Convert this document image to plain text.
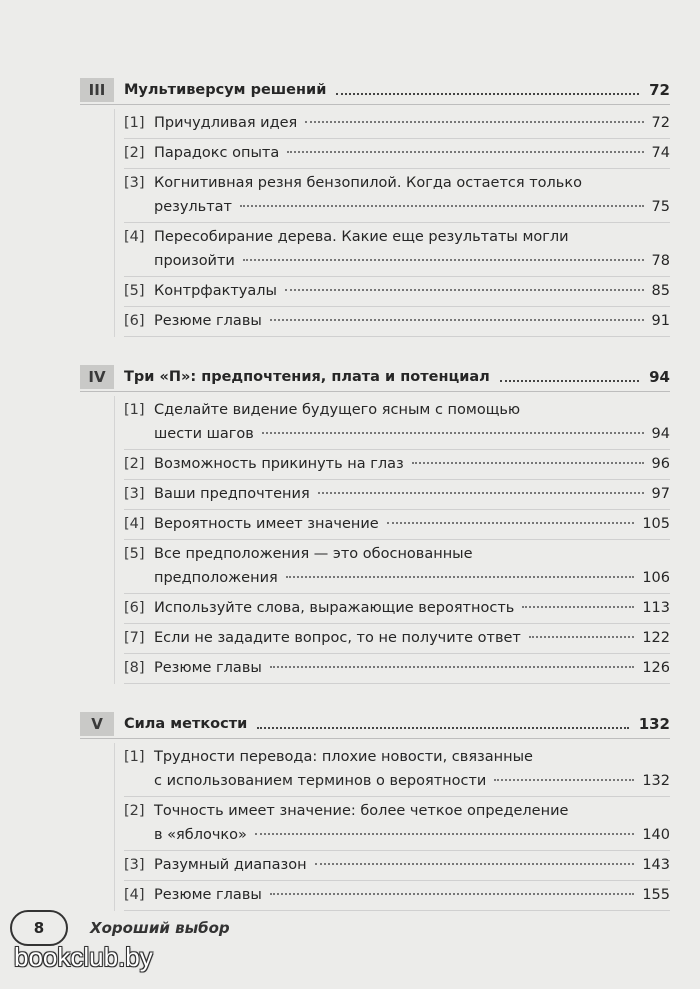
III	Мультиверсум решений	72
[1] Причудливая идея	72
[2] Парадокс опыта	74
[3] Когнитивная резня бензопилой. Когда остается только
результат	75
[4] Пересобирание дерева. Какие еще результаты могли
произойти	78
[5] Контрфактуалы	85
[6] Резюме главы	91
IV	Три «П»: предпочтения, плата и потенциал	94
[1] Сделайте видение будущего ясным с помощью
шести шагов	94
[2] Возможность прикинуть на глаз	96
[3] Ваши предпочтения	97
[4] Вероятность имеет значение	105
[5] Все предположения — это обоснованные
предположения	106
[6] Используйте слова, выражающие вероятность	113
[7] Если не зададите вопрос, то не получите ответ	122
[8] Резюме главы	126
V	Сила меткости	132
[1] Трудности перевода: плохие новости, связанные
с использованием терминов о вероятности	132
[2] Точность имеет значение: более четкое определение
в «яблочко»	140
[3] Разумный диапазон	143
[4] Резюме главы	155
8	Хороший выбор
bookclub.by
